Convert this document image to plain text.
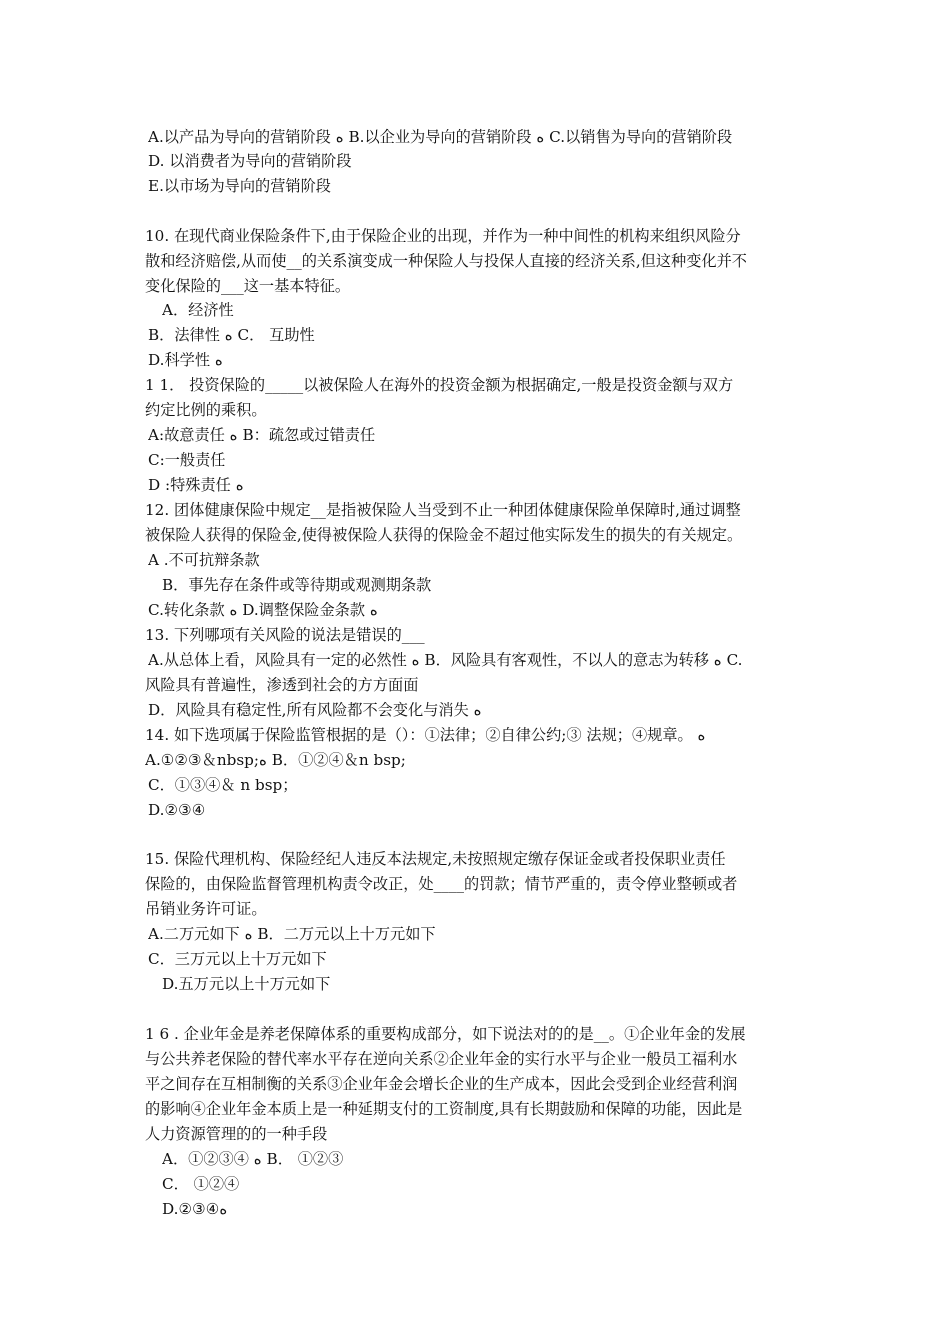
A.以产品为导向的营销阶段 ﻩ B.以企业为导向的营销阶段 ﻩ C.以销售为导向的营销阶段
D. 以消费者为导向的营销阶段
E.以市场为导向的营销阶段
10. 在现代商业保险条件下,由于保险企业的出现，并作为一种中间性的机构来组织风险分
散和经济赔偿,从而使__的关系演变成一种保险人与投保人直接的经济关系,但这种变化并不
变化保险的___这一基本特征。
A．经济性
B．法律性 ﻩ C． 互助性
D.科学性 ﻩ
1 1． 投资保险的_____以被保险人在海外的投资金额为根据确定,一般是投资金额与双方
约定比例的乘积。
A:故意责任 ﻩ B：疏忽或过错责任
C:一般责任
D :特殊责任 ﻩ
12. 团体健康保险中规定__是指被保险人当受到不止一种团体健康保险单保障时,通过调整
被保险人获得的保险金,使得被保险人获得的保险金不超过他实际发生的损失的有关规定。
A .不可抗辩条款
B．事先存在条件或等待期或观测期条款
C.转化条款 ﻩ D.调整保险金条款 ﻩ
13. 下列哪项有关风险的说法是错误的___
A.从总体上看，风险具有一定的必然性 ﻩ B．风险具有客观性，不以人的意志为转移 ﻩ C.
风险具有普遍性，渗透到社会的方方面面
D．风险具有稳定性,所有风险都不会变化与消失 ﻩ
14. 如下选项属于保险监管根据的是（）：①法律；②自律公约;③ 法规；④规章。 ﻩ
A.①②③＆nbsp;ﻩ B．①②④＆n bsp;
C．①③④＆ n bsp；
D.②③④
15. 保险代理机构、保险经纪人违反本法规定,未按照规定缴存保证金或者投保职业责任
保险的，由保险监督管理机构责令改正，处____的罚款；情节严重的，责令停业整顿或者
吊销业务许可证。
A.二万元如下 ﻩ B．二万元以上十万元如下
C．三万元以上十万元如下
D.五万元以上十万元如下
1 6 . 企业年金是养老保障体系的重要构成部分，如下说法对的的是__。①企业年金的发展
与公共养老保险的替代率水平存在逆向关系②企业年金的实行水平与企业一般员工福利水
平之间存在互相制衡的关系③企业年金会增长企业的生产成本，因此会受到企业经营利润
的影响④企业年金本质上是一种延期支付的工资制度,具有长期鼓励和保障的功能，因此是
人力资源管理的的一种手段
A．①②③④ ﻩ B． ①②③
C． ①②④
D.②③④ﻩ
